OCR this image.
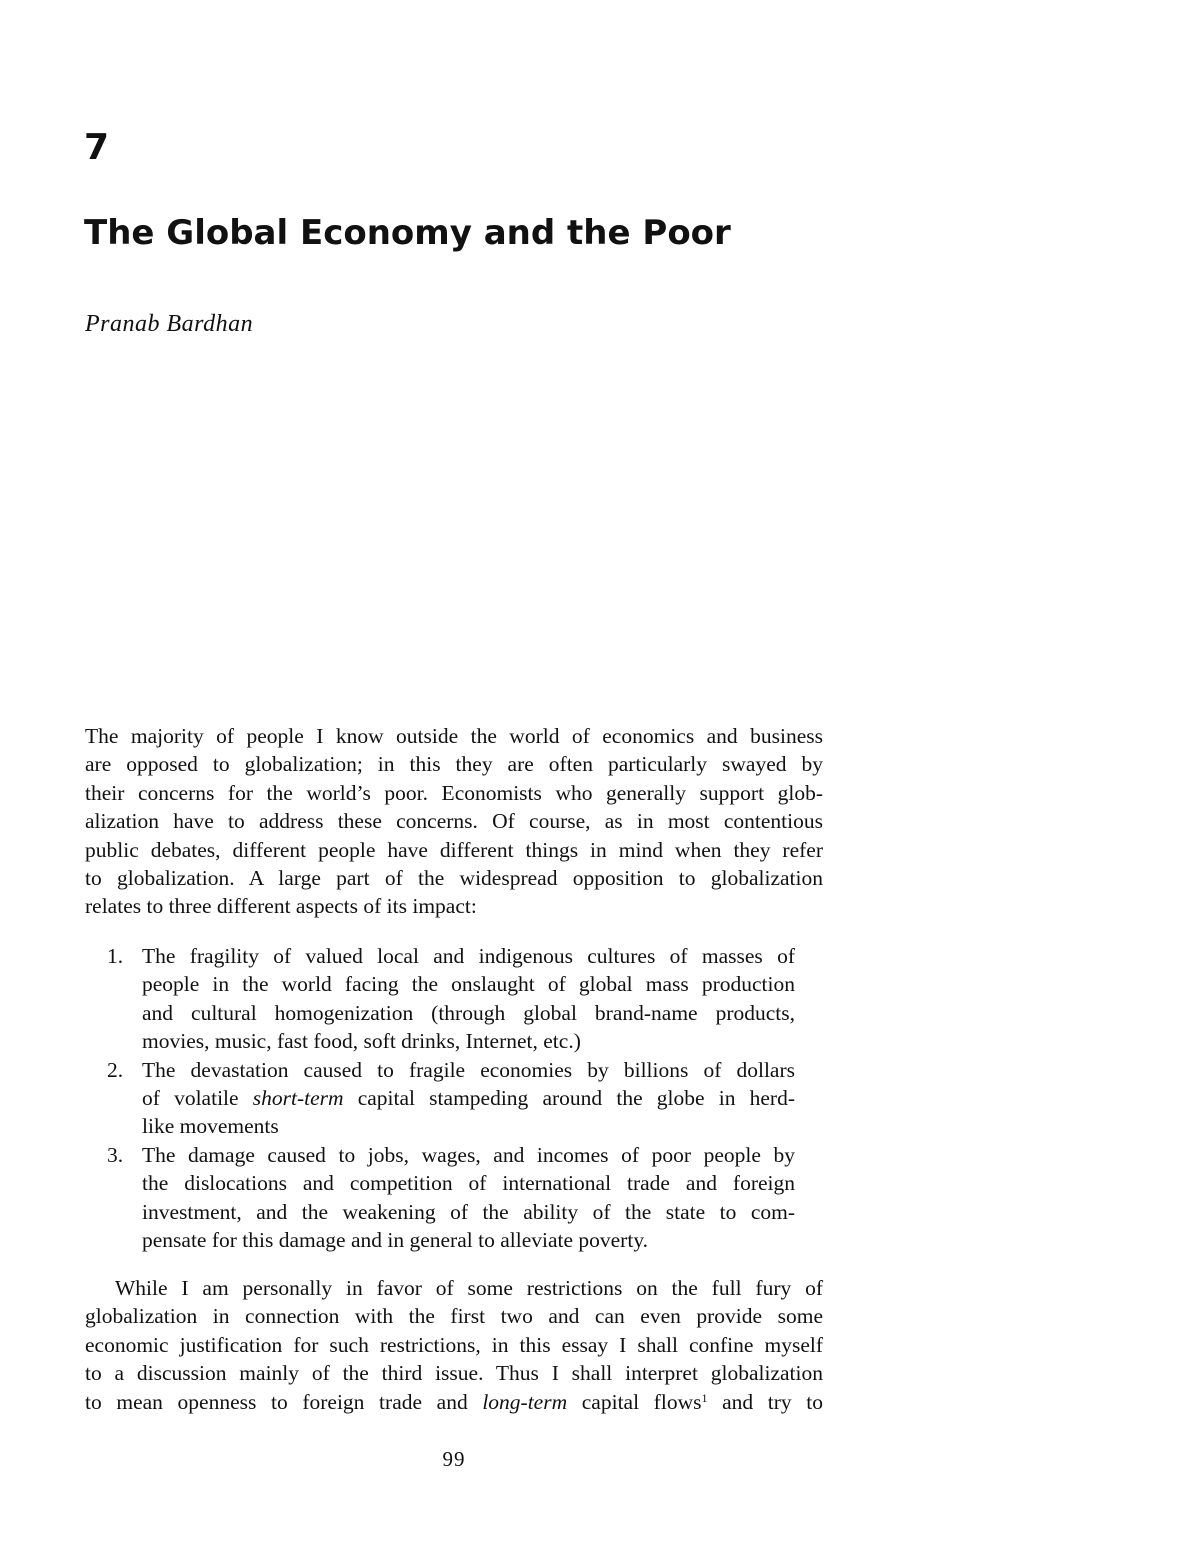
7
The Global Economy and the Poor
Pranab Bardhan
The majority of people I know outside the world of economics and business
are opposed to globalization; in this they are often particularly swayed by
their concerns for the world’s poor. Economists who generally support glob-
alization have to address these concerns. Of course, as in most contentious
public debates, different people have different things in mind when they refer
to globalization. A large part of the widespread opposition to globalization
relates to three different aspects of its impact:
1. The fragility of valued local and indigenous cultures of masses of
people in the world facing the onslaught of global mass production
and cultural homogenization (through global brand-name products,
movies, music, fast food, soft drinks, Internet, etc.)
2. The devastation caused to fragile economies by billions of dollars
of volatile short-term capital stampeding around the globe in herd-
like movements
3. The damage caused to jobs, wages, and incomes of poor people by
the dislocations and competition of international trade and foreign
investment, and the weakening of the ability of the state to com-
pensate for this damage and in general to alleviate poverty.
While I am personally in favor of some restrictions on the full fury of
globalization in connection with the first two and can even provide some
economic justification for such restrictions, in this essay I shall confine myself
to a discussion mainly of the third issue. Thus I shall interpret globalization
to mean openness to foreign trade and long-term capital flows$^1$ and try to
99
